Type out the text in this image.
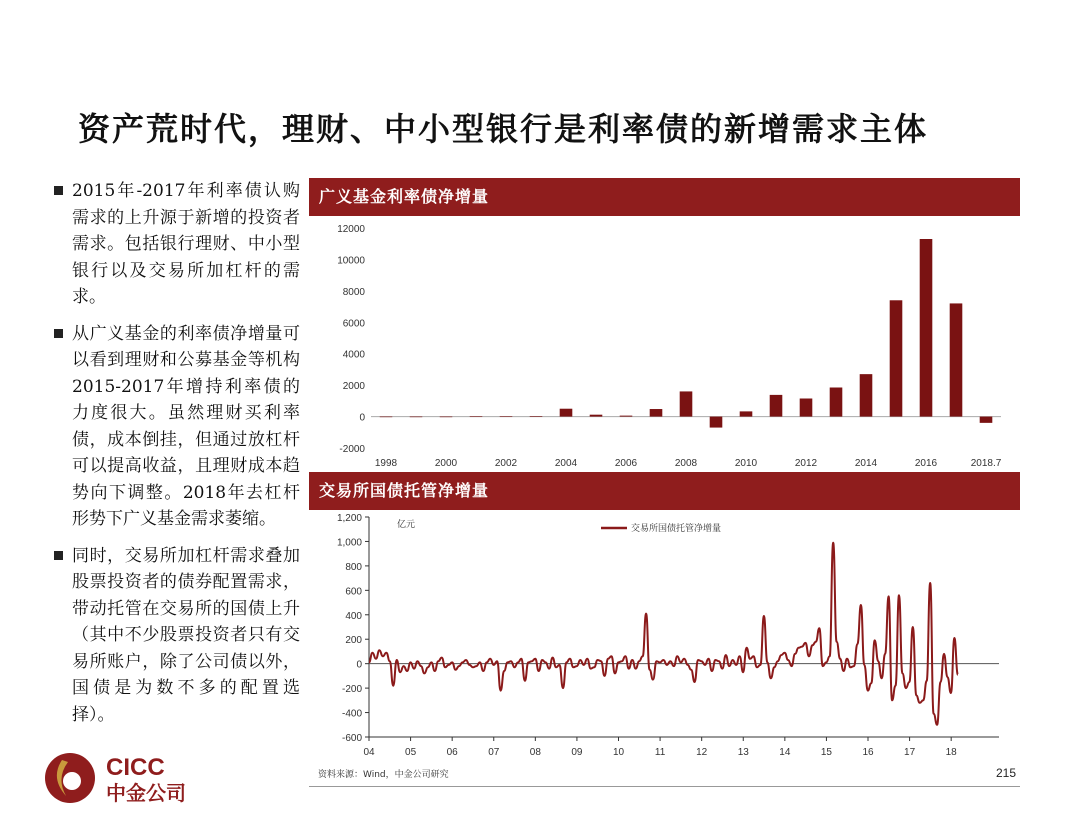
资产荒时代，理财、中小型银行是利率债的新增需求主体
2015年-2017年利率债认购需求的上升源于新增的投资者需求。包括银行理财、中小型银行以及交易所加杠杆的需求。
从广义基金的利率债净增量可以看到理财和公募基金等机构2015-2017年增持利率债的力度很大。虽然理财买利率债，成本倒挂，但通过放杠杆可以提高收益，且理财成本趋势向下调整。2018年去杠杆形势下广义基金需求萎缩。
同时，交易所加杠杆需求叠加股票投资者的债券配置需求，带动托管在交易所的国债上升（其中不少股票投资者只有交易所账户，除了公司债以外，国债是为数不多的配置选择）。
广义基金利率债净增量
-2000
0
2000
4000
6000
8000
10000
12000
1998	2000	2002	2004	2006	2008	2010	2012	2014	2016	2018.7
交易所国债托管净增量
-600
-400
-200
0
200
400
600
800
1,000
1,200
04	05	06	07	08	09	10	11	12	13	14	15	16	17	18
亿元	交易所国债托管净增量
CICC
中金公司
资料来源：Wind，中金公司研究	215
